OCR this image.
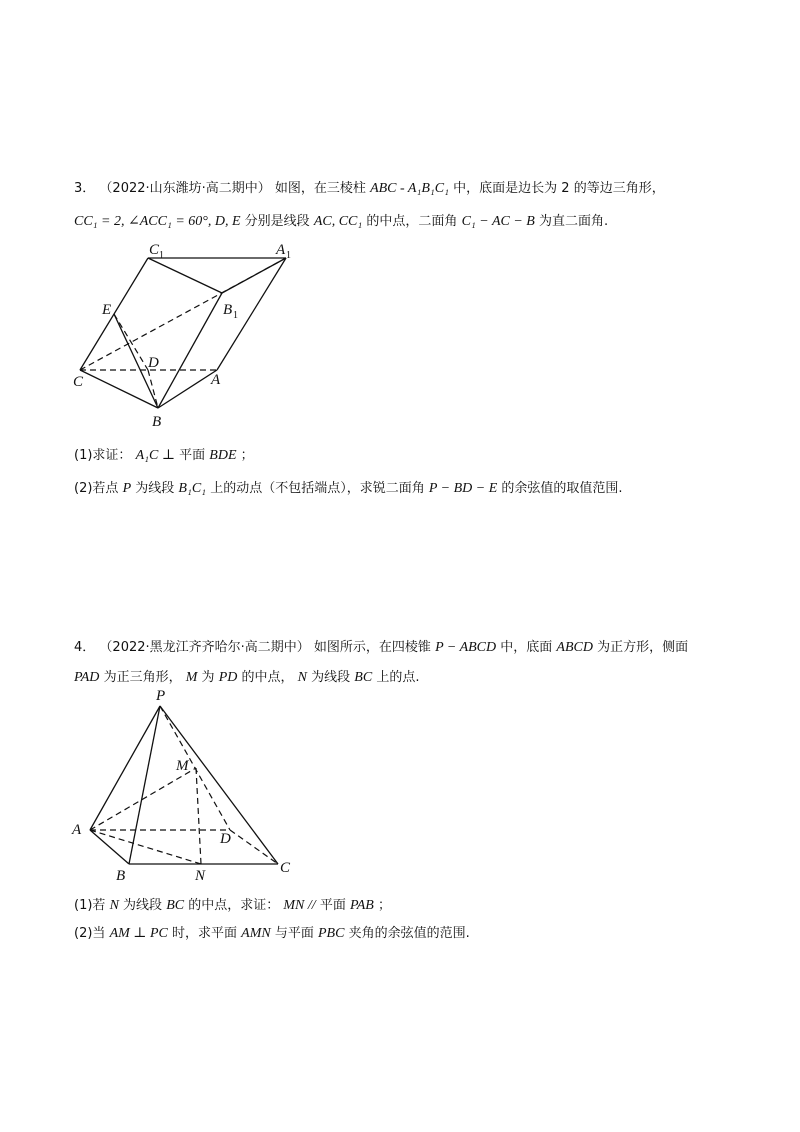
3． （2022·山东潍坊·高二期中） 如图，在三棱柱 ABC - A₁B₁C₁ 中，底面是边长为 2 的等边三角形，
CC₁ = 2, ∠ACC₁ = 60°, D, E 分别是线段 AC, CC₁ 的中点，二面角 C₁ − AC − B 为直二面角.
C 1	A 1
B 1
E
D
C	A
B
(1)求证： A₁C ⊥ 平面 BDE ；
(2)若点 P 为线段 B₁C₁ 上的动点（不包括端点），求锐二面角 P − BD − E 的余弦值的取值范围.
4． （2022·黑龙江齐齐哈尔·高二期中） 如图所示，在四棱锥 P − ABCD 中，底面 ABCD 为正方形，侧面
PAD 为正三角形， M 为 PD 的中点， N 为线段 BC 上的点.
P
M
A
D
B	N	C
(1)若 N 为线段 BC 的中点，求证： MN // 平面 PAB ；
(2)当 AM ⊥ PC 时，求平面 AMN 与平面 PBC 夹角的余弦值的范围.
